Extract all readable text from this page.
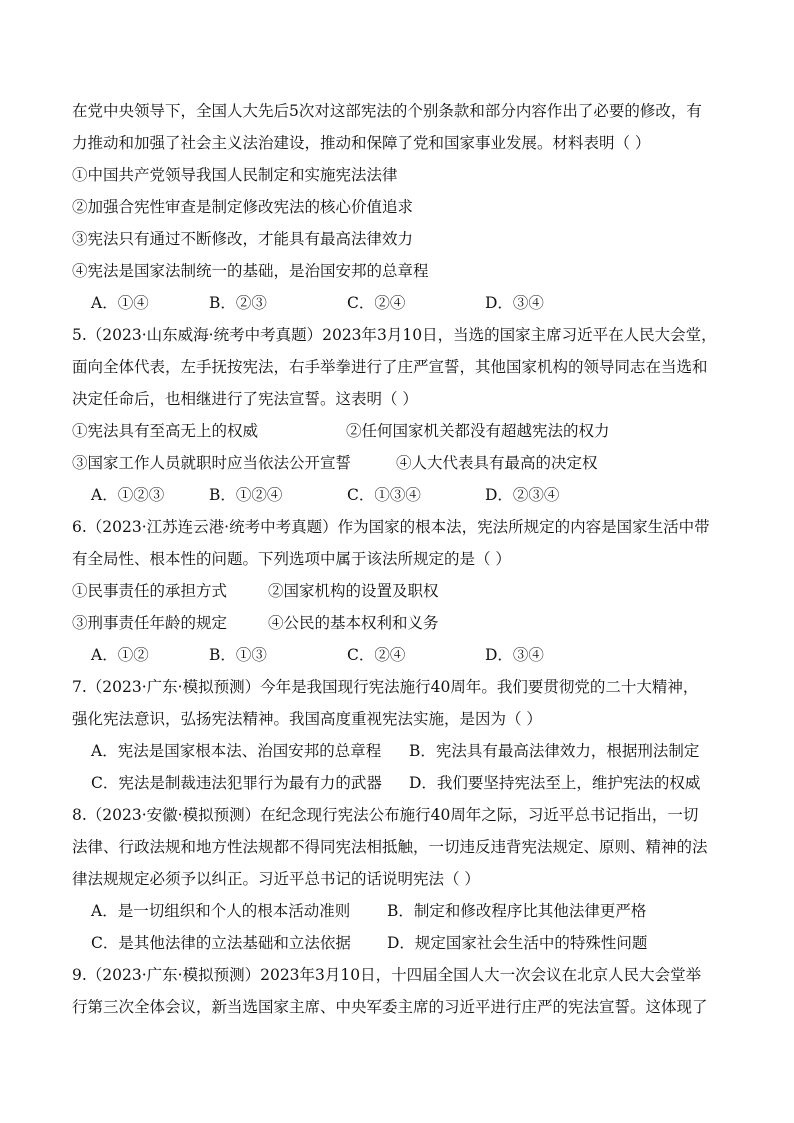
在党中央领导下，全国人大先后5次对这部宪法的个别条款和部分内容作出了必要的修改，有
力推动和加强了社会主义法治建设，推动和保障了党和国家事业发展。材料表明（ ）
①中国共产党领导我国人民制定和实施宪法法律
②加强合宪性审查是制定修改宪法的核心价值追求
③宪法只有通过不断修改，才能具有最高法律效力
④宪法是国家法制统一的基础，是治国安邦的总章程
A．①④	B．②③	C．②④	D．③④
5.（2023·山东威海·统考中考真题）2023年3月10日，当选的国家主席习近平在人民大会堂，
面向全体代表，左手抚按宪法，右手举拳进行了庄严宣誓，其他国家机构的领导同志在当选和
决定任命后，也相继进行了宪法宣誓。这表明（ ）
①宪法具有至高无上的权威	②任何国家机关都没有超越宪法的权力
③国家工作人员就职时应当依法公开宣誓	④人大代表具有最高的决定权
A．①②③	B．①②④	C．①③④	D．②③④
6.（2023·江苏连云港·统考中考真题）作为国家的根本法，宪法所规定的内容是国家生活中带
有全局性、根本性的问题。下列选项中属于该法所规定的是（ ）
①民事责任的承担方式	②国家机构的设置及职权
③刑事责任年龄的规定	④公民的基本权利和义务
A．①②	B．①③	C．②④	D．③④
7.（2023·广东·模拟预测）今年是我国现行宪法施行40周年。我们要贯彻党的二十大精神，
强化宪法意识，弘扬宪法精神。我国高度重视宪法实施，是因为（ ）
A．宪法是国家根本法、治国安邦的总章程 B．宪法具有最高法律效力，根据刑法制定
C．宪法是制裁违法犯罪行为最有力的武器 D．我们要坚持宪法至上，维护宪法的权威
8.（2023·安徽·模拟预测）在纪念现行宪法公布施行40周年之际，习近平总书记指出，一切
法律、行政法规和地方性法规都不得同宪法相抵触，一切违反违背宪法规定、原则、精神的法
律法规规定必须予以纠正。习近平总书记的话说明宪法（ ）
A．是一切组织和个人的根本活动准则 B．制定和修改程序比其他法律更严格
C．是其他法律的立法基础和立法依据 D．规定国家社会生活中的特殊性问题
9.（2023·广东·模拟预测）2023年3月10日，十四届全国人大一次会议在北京人民大会堂举
行第三次全体会议，新当选国家主席、中央军委主席的习近平进行庄严的宪法宣誓。这体现了
